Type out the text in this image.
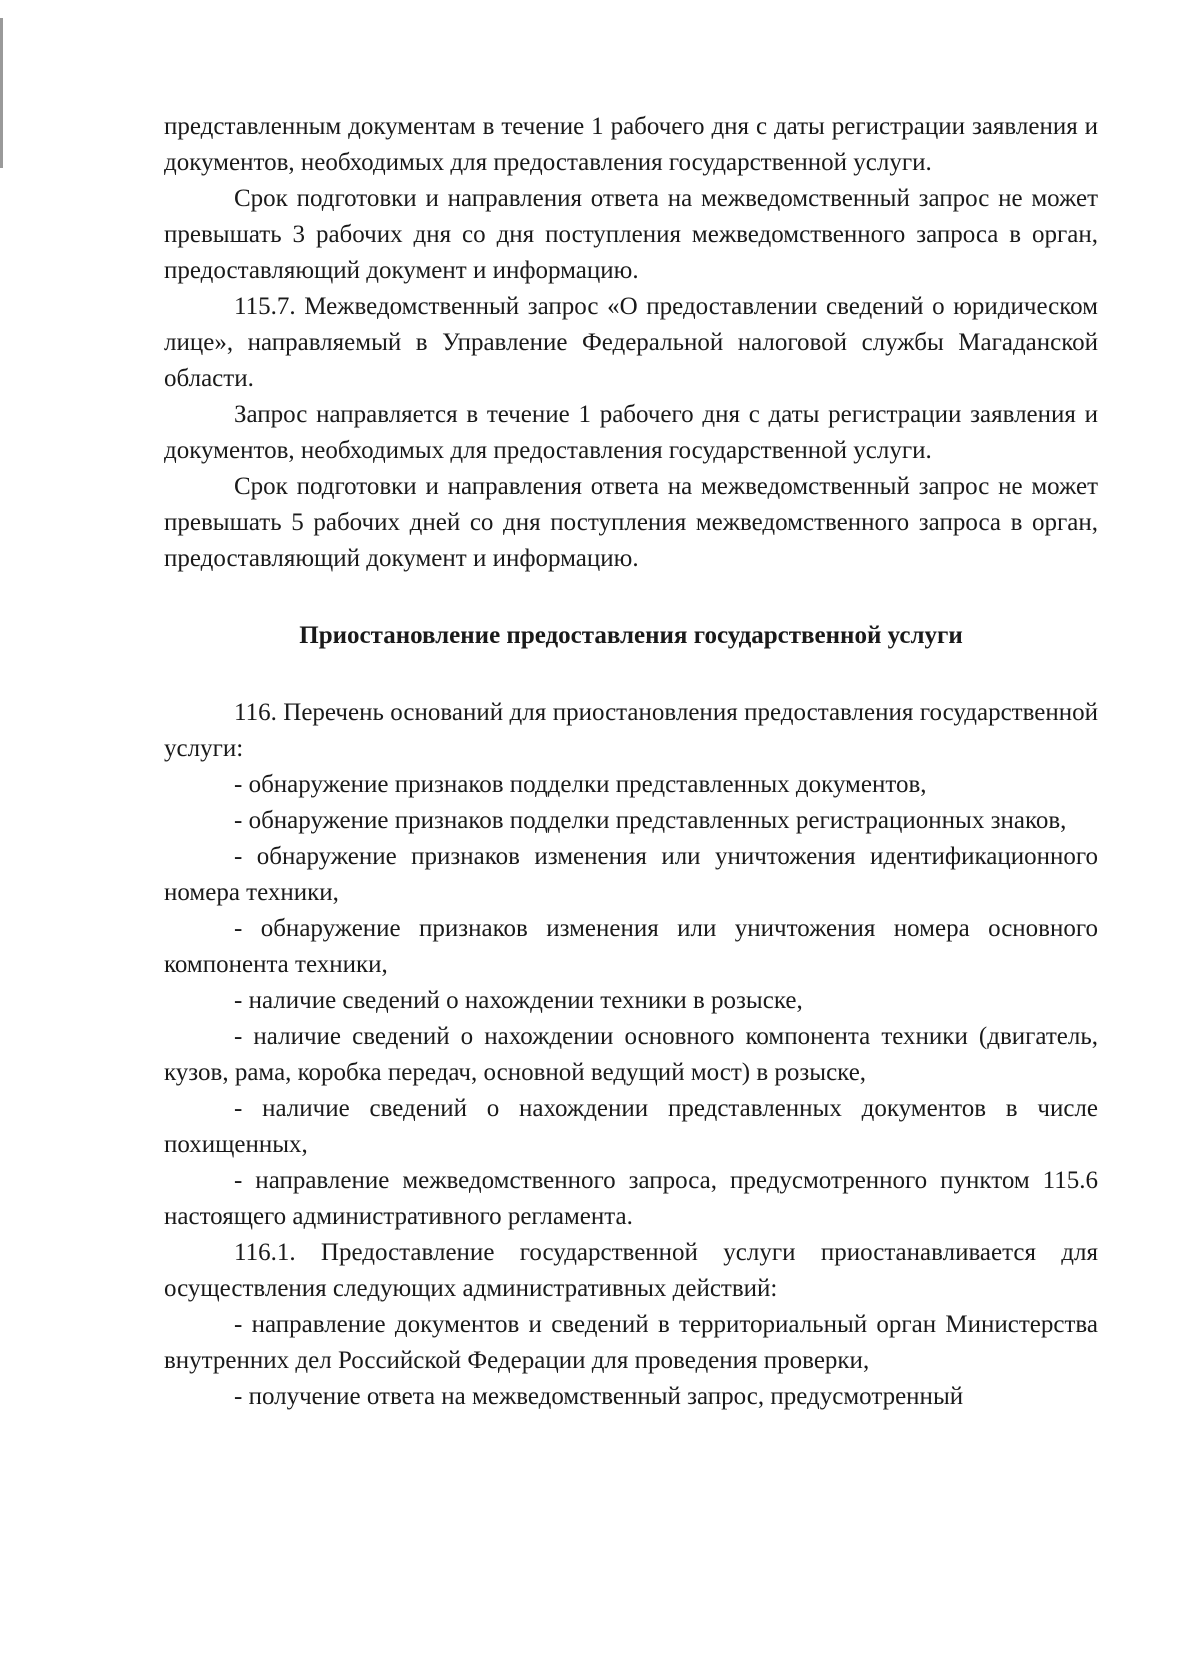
представленным документам в течение 1 рабочего дня с даты регистрации заявления и документов, необходимых для предоставления государственной услуги.

Срок подготовки и направления ответа на межведомственный запрос не может превышать 3 рабочих дня со дня поступления межведомственного запроса в орган, предоставляющий документ и информацию.

115.7. Межведомственный запрос «О предоставлении сведений о юридическом лице», направляемый в Управление Федеральной налоговой службы Магаданской области.

Запрос направляется в течение 1 рабочего дня с даты регистрации заявления и документов, необходимых для предоставления государственной услуги.

Срок подготовки и направления ответа на межведомственный запрос не может превышать 5 рабочих дней со дня поступления межведомственного запроса в орган, предоставляющий документ и информацию.

Приостановление предоставления государственной услуги

116. Перечень оснований для приостановления предоставления государственной услуги:

- обнаружение признаков подделки представленных документов,

- обнаружение признаков подделки представленных регистрационных знаков,

- обнаружение признаков изменения или уничтожения идентификационного номера техники,

- обнаружение признаков изменения или уничтожения номера основного компонента техники,

- наличие сведений о нахождении техники в розыске,

- наличие сведений о нахождении основного компонента техники (двигатель, кузов, рама, коробка передач, основной ведущий мост) в розыске,

- наличие сведений о нахождении представленных документов в числе похищенных,

- направление межведомственного запроса, предусмотренного пунктом 115.6 настоящего административного регламента.

116.1. Предоставление государственной услуги приостанавливается для осуществления следующих административных действий:

- направление документов и сведений в территориальный орган Министерства внутренних дел Российской Федерации для проведения проверки,

- получение ответа на межведомственный запрос, предусмотренный
